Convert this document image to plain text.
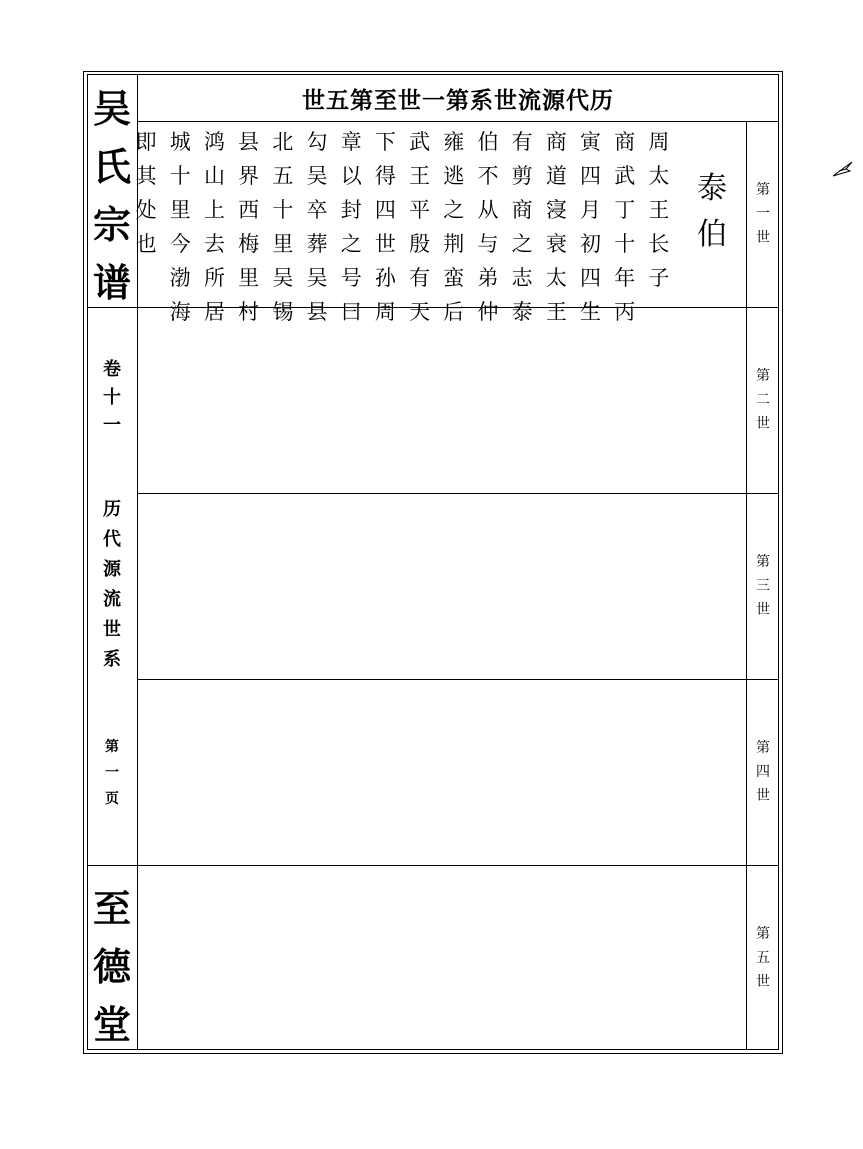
吴
氏
宗
谱
卷
十
一
历
代
源
流
世
系
第
一
页
至
德
堂
世五第至世一第系世流源代历
第
一
世
第
二
世
第
三
世
第
四
世
第
五
世
泰
伯
周
太
王
长
子
商
武
丁
十
年
丙
寅
四
月
初
四
生
商
道
寖
衰
太
王
有
剪
商
之
志
泰
伯
不
从
与
弟
仲
雍
逃
之
荆
蛮
后
武
王
平
殷
有
天
下
得
四
世
孙
周
章
以
封
之
号
曰
勾
吴
卒
葬
吴
县
北
五
十
里
吴
锡
县
界
西
梅
里
村
鸿
山
上
去
所
居
城
十
里
今
渤
海
即
其
处
也
